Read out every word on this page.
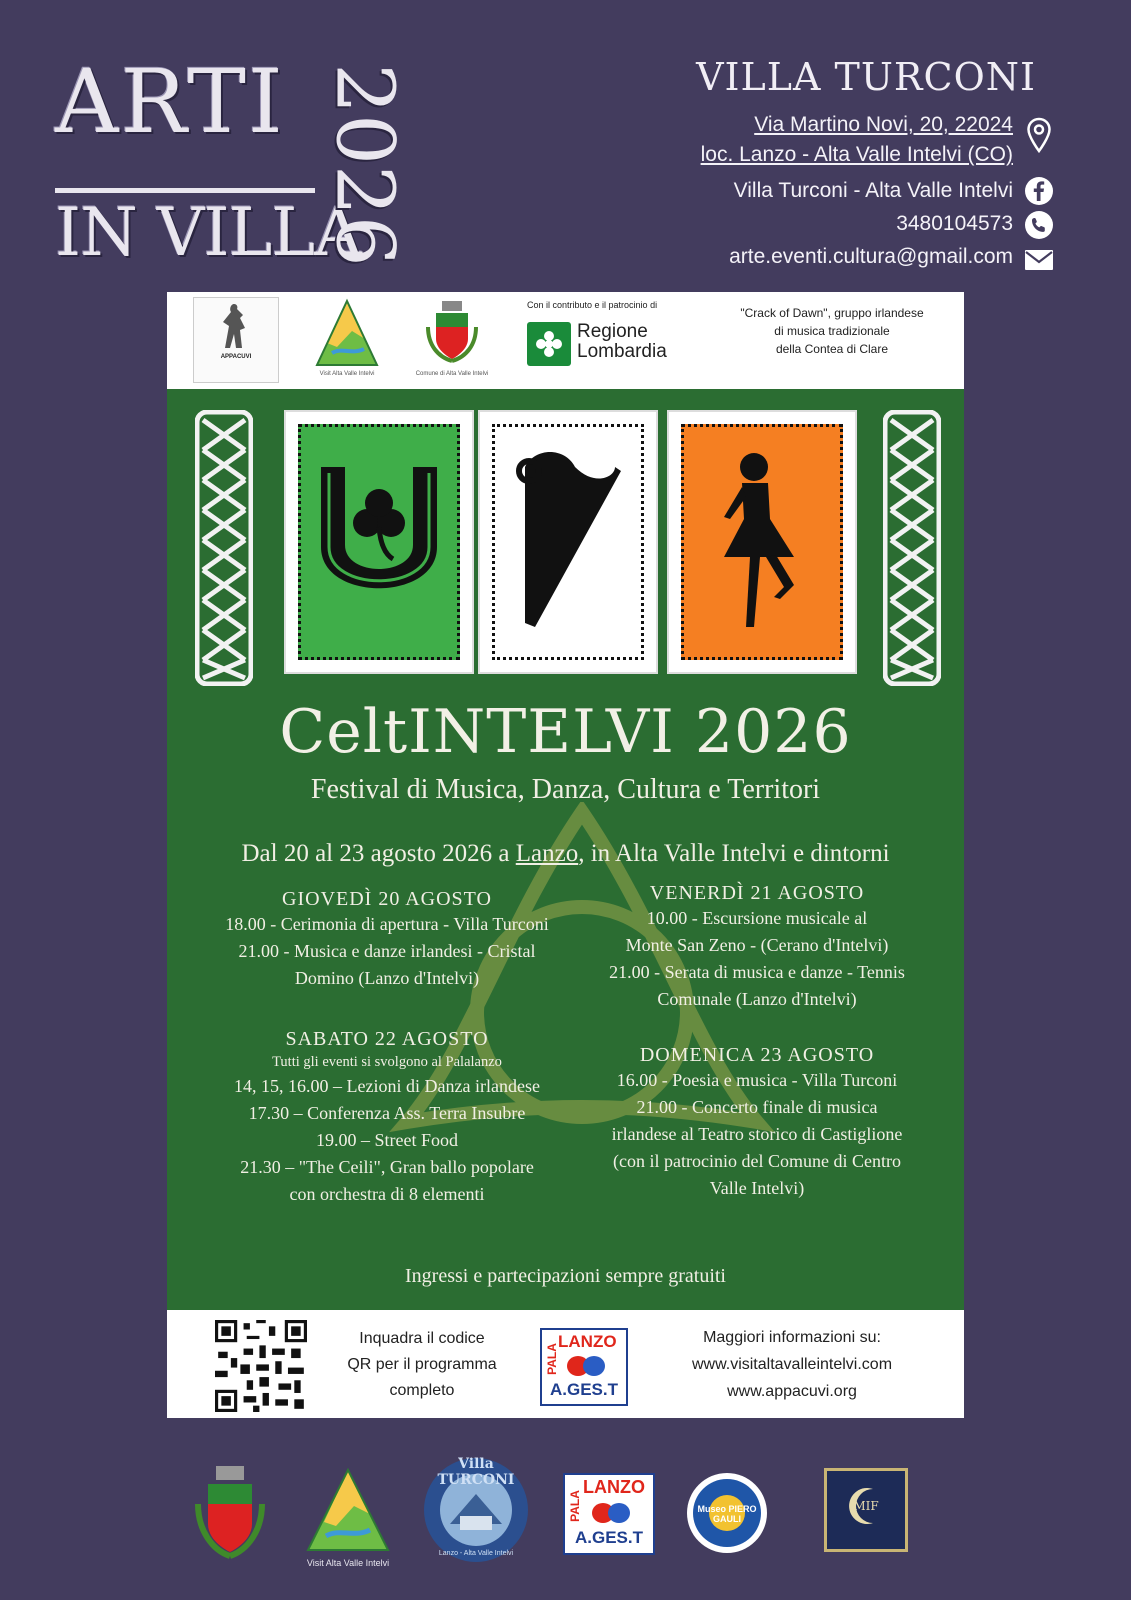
ARTI
IN VILLA
2026	VILLA TURCONI
Via Martino Novi, 20, 22024
loc. Lanzo - Alta Valle Intelvi (CO)
Villa Turconi - Alta Valle Intelvi
3480104573
arte.eventi.cultura@gmail.com
APPACUVI
Visit Alta Valle Intelvi	Comune di Alta Valle Intelvi
Con il contributo e il patrocinio di
Regione
Lombardia
"Crack of Dawn", gruppo irlandese
di musica tradizionale
della Contea di Clare
CeltINTELVI 2026
Festival di Musica, Danza, Cultura e Territori
Dal 20 al 23 agosto 2026 a Lanzo, in Alta Valle Intelvi e dintorni
GIOVEDÌ 20 AGOSTO
18.00 - Cerimonia di apertura - Villa Turconi
21.00 - Musica e danze irlandesi - Cristal
Domino (Lanzo d'Intelvi)
VENERDÌ 21 AGOSTO
10.00 - Escursione musicale al
Monte San Zeno - (Cerano d'Intelvi)
21.00 - Serata di musica e danze - Tennis
Comunale (Lanzo d'Intelvi)
SABATO 22 AGOSTO
Tutti gli eventi si svolgono al Palalanzo
14, 15, 16.00 – Lezioni di Danza irlandese
17.30 – Conferenza Ass. Terra Insubre
19.00 – Street Food
21.30 – "The Ceili", Gran ballo popolare
con orchestra di 8 elementi
DOMENICA 23 AGOSTO
16.00 - Poesia e musica - Villa Turconi
21.00 - Concerto finale di musica
irlandese al Teatro storico di Castiglione
(con il patrocinio del Comune di Centro
Valle Intelvi)
Ingressi e partecipazioni sempre gratuiti
Inquadra il codice
QR per il programma
completo
LANZO
PALA
A.GES.T
Maggiori informazioni su:
www.visitaltavalleintelvi.com
www.appacuvi.org
Visit Alta Valle Intelvi
Villa TURCONI
Lanzo - Alta Valle Intelvi
LANZO
PALA
A.GES.T
Museo PIERO GAULI
MIF
